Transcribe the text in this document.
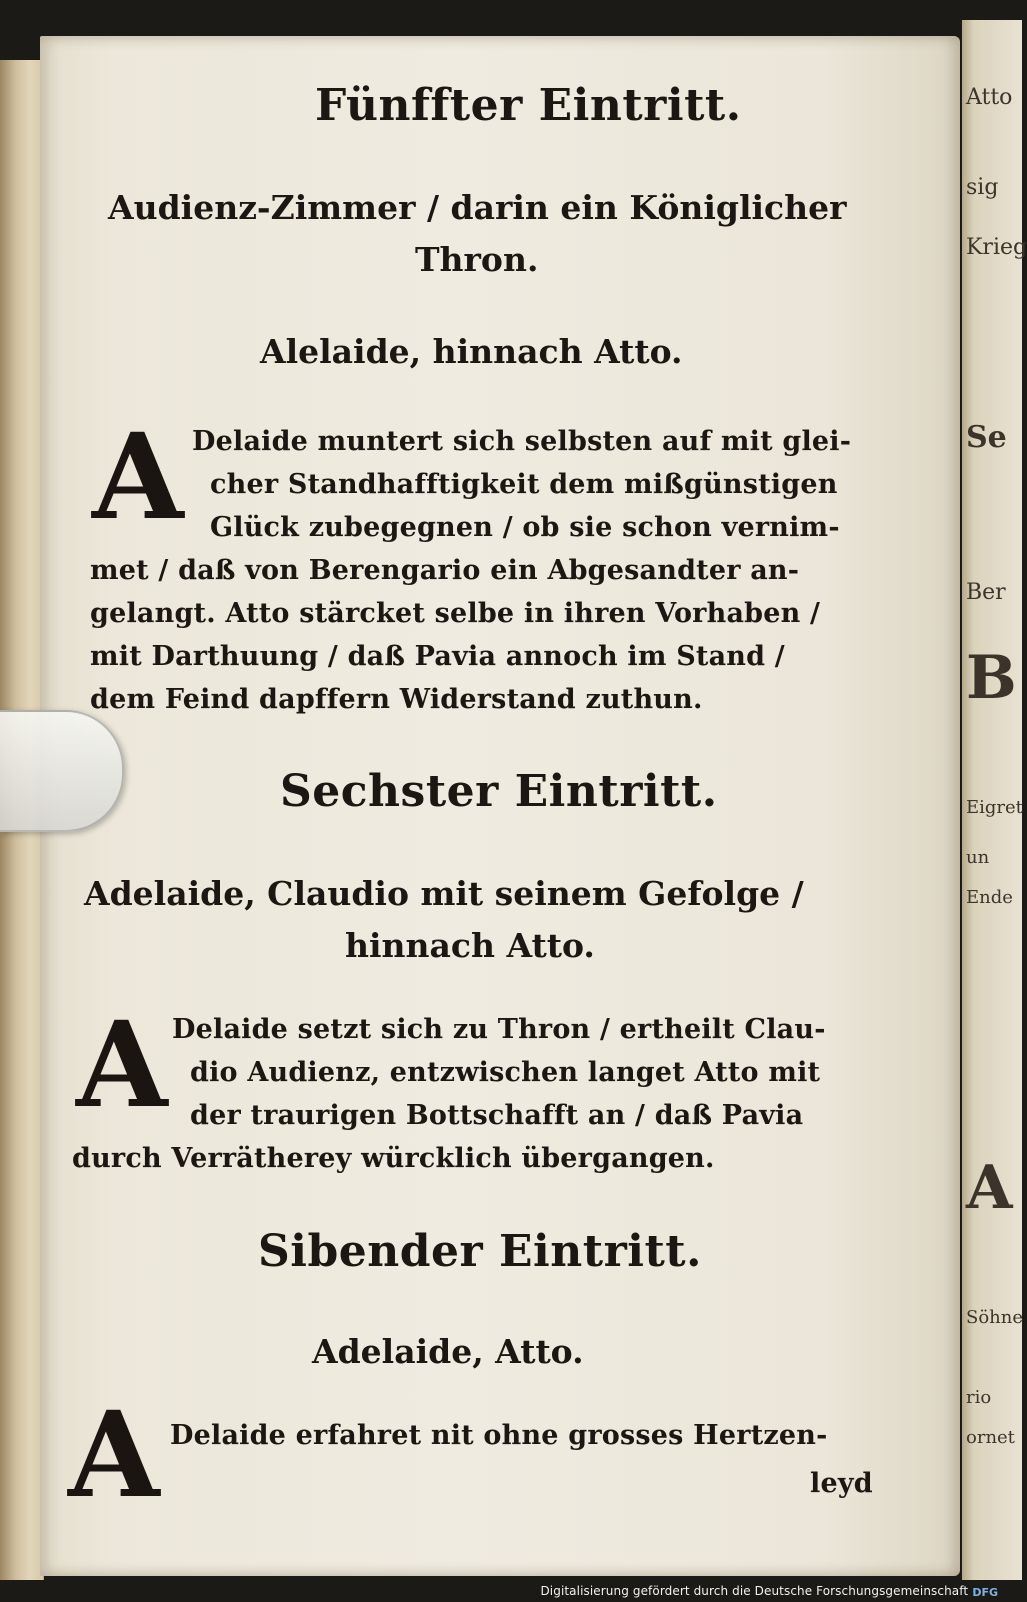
Atto
sig
Krieg
Se
Ber
B
Eigret
un
Ende
A
Söhne
rio
ornet
Fünffter Eintritt.
Audienz-Zimmer / darin ein Königlicher
Thron.
Alelaide, hinnach Atto.
A Delaide muntert sich selbsten auf mit glei-
cher Standhafftigkeit dem mißgünstigen
Glück zubegegnen / ob sie schon vernim-
met / daß von Berengario ein Abgesandter an-
gelangt. Atto stärcket selbe in ihren Vorhaben /
mit Darthuung / daß Pavia annoch im Stand /
dem Feind dapffern Widerstand zuthun.
Sechster Eintritt.
Adelaide, Claudio mit seinem Gefolge /
hinnach Atto.
A Delaide setzt sich zu Thron / ertheilt Clau-
dio Audienz, entzwischen langet Atto mit
der traurigen Bottschafft an / daß Pavia
durch Verrätherey würcklich übergangen.
Sibender Eintritt.
Adelaide, Atto.
A Delaide erfahret nit ohne grosses Hertzen-
leyd
Digitalisierung gefördert durch die Deutsche Forschungsgemeinschaft ·
DFG
